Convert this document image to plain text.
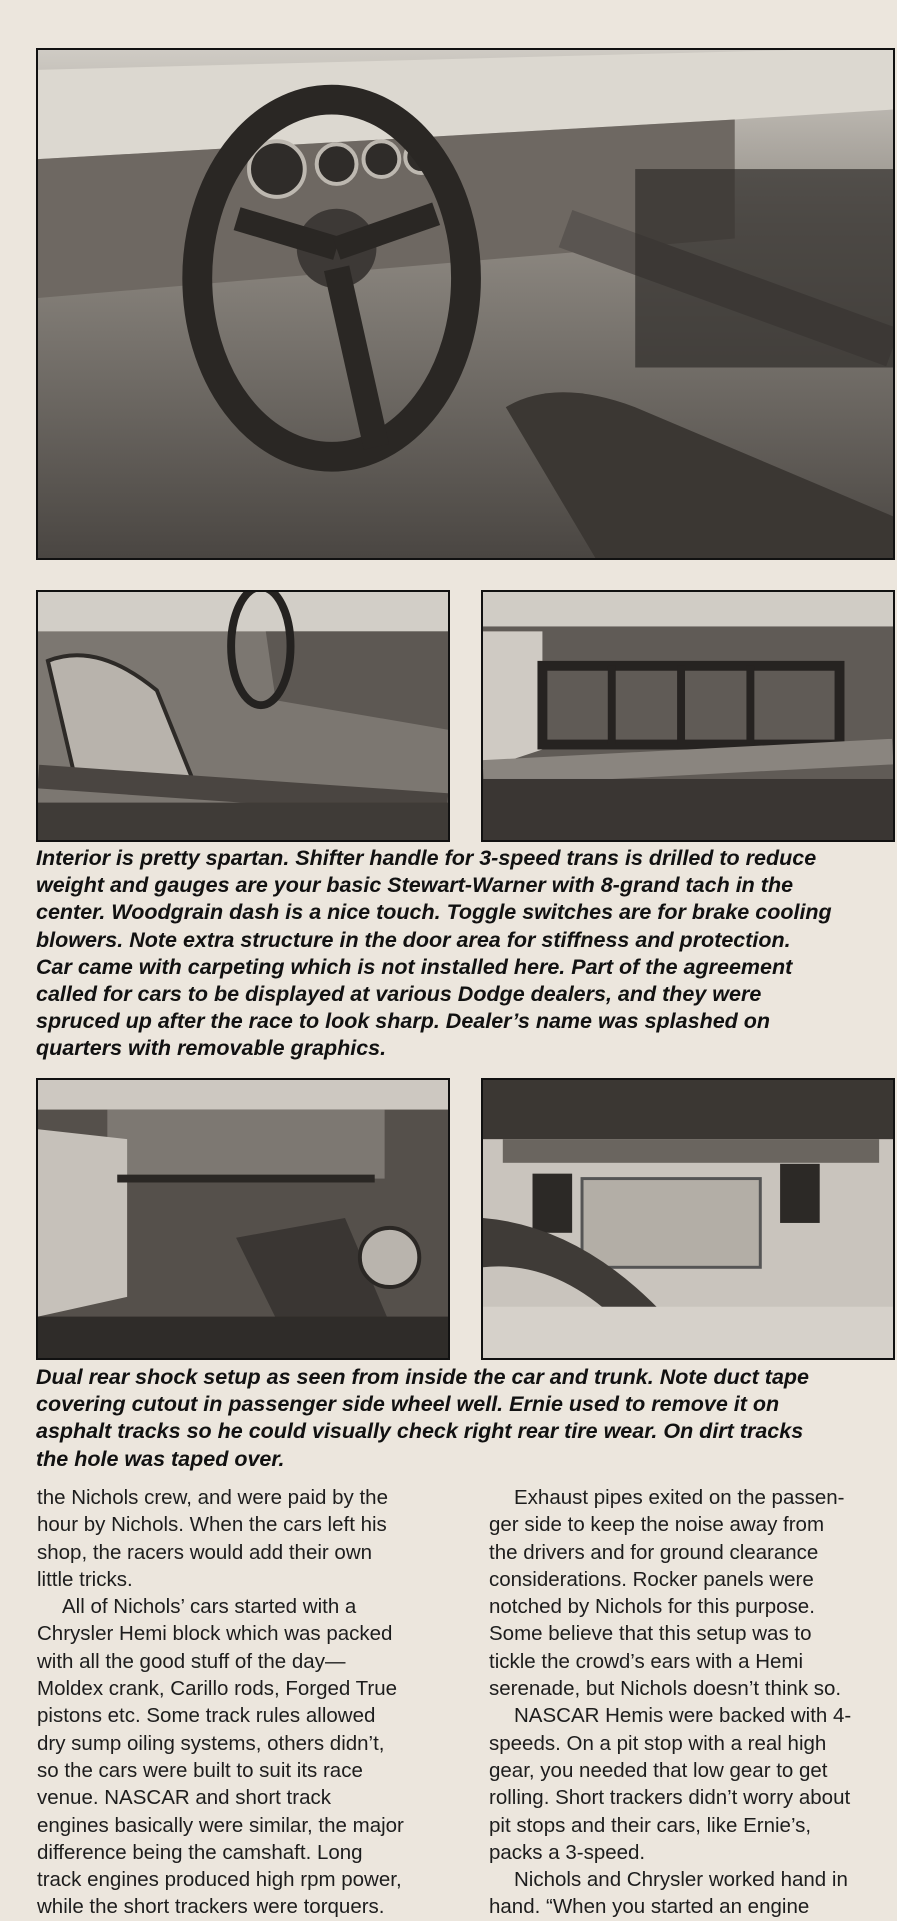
Interior is pretty spartan. Shifter handle for 3-speed trans is drilled to reduce
weight and gauges are your basic Stewart-Warner with 8-grand tach in the
center. Woodgrain dash is a nice touch. Toggle switches are for brake cooling
blowers. Note extra structure in the door area for stiffness and protection.
Car came with carpeting which is not installed here. Part of the agreement
called for cars to be displayed at various Dodge dealers, and they were
spruced up after the race to look sharp. Dealer’s name was splashed on
quarters with removable graphics.
Dual rear shock setup as seen from inside the car and trunk. Note duct tape
covering cutout in passenger side wheel well. Ernie used to remove it on
asphalt tracks so he could visually check right rear tire wear. On dirt tracks
the hole was taped over.

the Nichols crew, and were paid by the
hour by Nichols. When the cars left his
shop, the racers would add their own
little tricks.

All of Nichols’ cars started with a
Chrysler Hemi block which was packed
with all the good stuff of the day—
Moldex crank, Carillo rods, Forged True
pistons etc. Some track rules allowed
dry sump oiling systems, others didn’t,
so the cars were built to suit its race
venue. NASCAR and short track
engines basically were similar, the major
difference being the camshaft. Long
track engines produced high rpm power,
while the short trackers were torquers.

Exhaust pipes exited on the passen-
ger side to keep the noise away from
the drivers and for ground clearance
considerations. Rocker panels were
notched by Nichols for this purpose.
Some believe that this setup was to
tickle the crowd’s ears with a Hemi
serenade, but Nichols doesn’t think so.

NASCAR Hemis were backed with 4-
speeds. On a pit stop with a real high
gear, you needed that low gear to get
rolling. Short trackers didn’t worry about
pit stops and their cars, like Ernie’s,
packs a 3-speed.

Nichols and Chrysler worked hand in
hand. “When you started an engine
